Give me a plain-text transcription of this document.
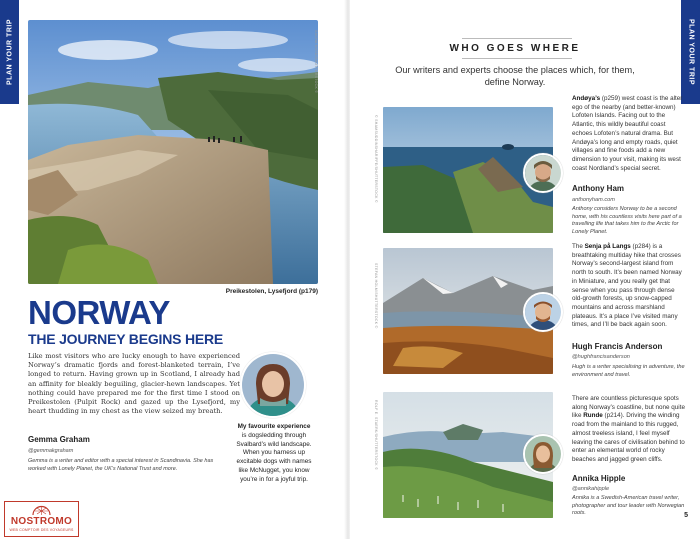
PLAN YOUR TRIP	SACHA.NVSD/SHUTTERSTOCK ©
Preikestolen, Lysefjord (p179)
NORWAY
THE JOURNEY BEGINS HERE
Like most visitors who are lucky enough to have experienced Norway’s dramatic fjords and forest-blanketed terrain, I’ve longed to return. Having grown up in Scotland, I already had an affinity for bleakly beguiling, glacier-hewn landscapes. Yet nothing could have prepared me for the first time I stood on Preikestolen (Pulpit Rock) and gazed up the Lysefjord, my heart thudding in my chest as the view seized my breath.
Gemma Graham
@gemmakgraham
Gemma is a writer and editor with a special interest in Scandinavia. She has worked with Lonely Planet, the UK’s National Trust and more.
My favourite experience
is dogsledding through Svalbard’s wild landscape. When you harness up excitable dogs with names like McNugget, you know you’re in for a joyful trip.
NOSTROMO
WEB COMPTOIR DES VOYAGEURS
PLAN YOUR TRIP
WHO GOES WHERE
Our writers and experts choose the places which, for them, define Norway.
© SHAMSUDDINSHARIFFE/SHUTTERSTOCK ©
Andøya’s (p259) west coast is the alter ego of the nearby (and better-known) Lofoten Islands. Facing out to the Atlantic, this wildly beautiful coast echoes Lofoten’s natural drama. But Andøya’s long and empty roads, quiet villages and fine foods add a new dimension to your visit, making its west coast Nordland’s special secret.
Anthony Ham
anthonyham.com
Anthony considers Norway to be a second home, with his countless visits here part of a travelling life that takes him to the Arctic for Lonely Planet.
STEFAN HOLM/SHUTTERSTOCK ©
The Senja på Langs (p284) is a breathtaking multiday hike that crosses Norway’s second-largest island from north to south. It’s been named Norway in Miniature, and you really get that sense when you pass through dense old-growth forests, up snow-capped mountains and across marshland plateaus. It’s a place I’ve visited many times, and I’ll be back again soon.
Hugh Francis Anderson
@hughfrancisanderson
Hugh is a writer specialising in adventure, the environment and travel.
ROLF E. STAERK/SHUTTERSTOCK ©
There are countless picturesque spots along Norway’s coastline, but none quite like Runde (p214). Driving the winding road from the mainland to this rugged, almost treeless island, I feel myself leaving the cares of civilisation behind to enter an elemental world of rocky beaches and jagged green cliffs.
Annika Hipple
@annikahipple
Annika is a Swedish-American travel writer, photographer and tour leader with Norwegian roots.	5
